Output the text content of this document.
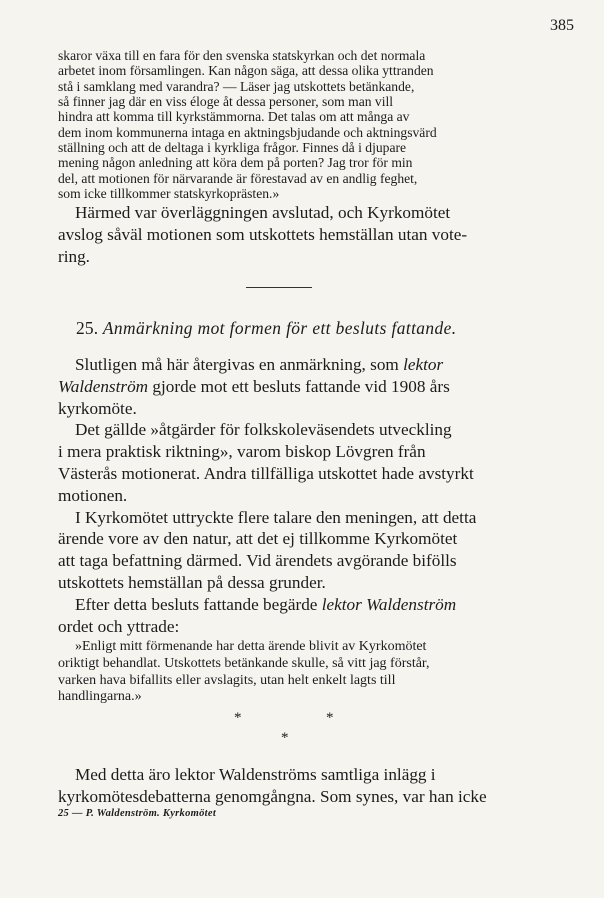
385
skaror växa till en fara för den svenska statskyrkan och det normala
arbetet inom församlingen. Kan någon säga, att dessa olika yttranden
stå i samklang med varandra? — Läser jag utskottets betänkande,
så finner jag där en viss éloge åt dessa personer, som man vill
hindra att komma till kyrkstämmorna. Det talas om att många av
dem inom kommunerna intaga en aktningsbjudande och aktningsvärd
ställning och att de deltaga i kyrkliga frågor. Finnes då i djupare
mening någon anledning att köra dem på porten? Jag tror för min
del, att motionen för närvarande är förestavad av en andlig feghet,
som icke tillkommer statskyrkoprästen.»
Härmed var överläggningen avslutad, och Kyrkomötet
avslog såväl motionen som utskottets hemställan utan vote-
ring.
25. Anmärkning mot formen för ett besluts fattande.
Slutligen må här återgivas en anmärkning, som lektor
Waldenström gjorde mot ett besluts fattande vid 1908 års
kyrkomöte.
Det gällde »åtgärder för folkskoleväsendets utveckling
i mera praktisk riktning», varom biskop Lövgren från
Västerås motionerat. Andra tillfälliga utskottet hade avstyrkt
motionen.
I Kyrkomötet uttryckte flere talare den meningen, att detta
ärende vore av den natur, att det ej tillkomme Kyrkomötet
att taga befattning därmed. Vid ärendets avgörande bifölls
utskottets hemställan på dessa grunder.
Efter detta besluts fattande begärde lektor Waldenström
ordet och yttrade:
»Enligt mitt förmenande har detta ärende blivit av Kyrkomötet
oriktigt behandlat. Utskottets betänkande skulle, så vitt jag förstår,
varken hava bifallits eller avslagits, utan helt enkelt lagts till
handlingarna.»
*	*
*
Med detta äro lektor Waldenströms samtliga inlägg i
kyrkomötesdebatterna genomgångna. Som synes, var han icke
25 — P. Waldenström. Kyrkomötet
